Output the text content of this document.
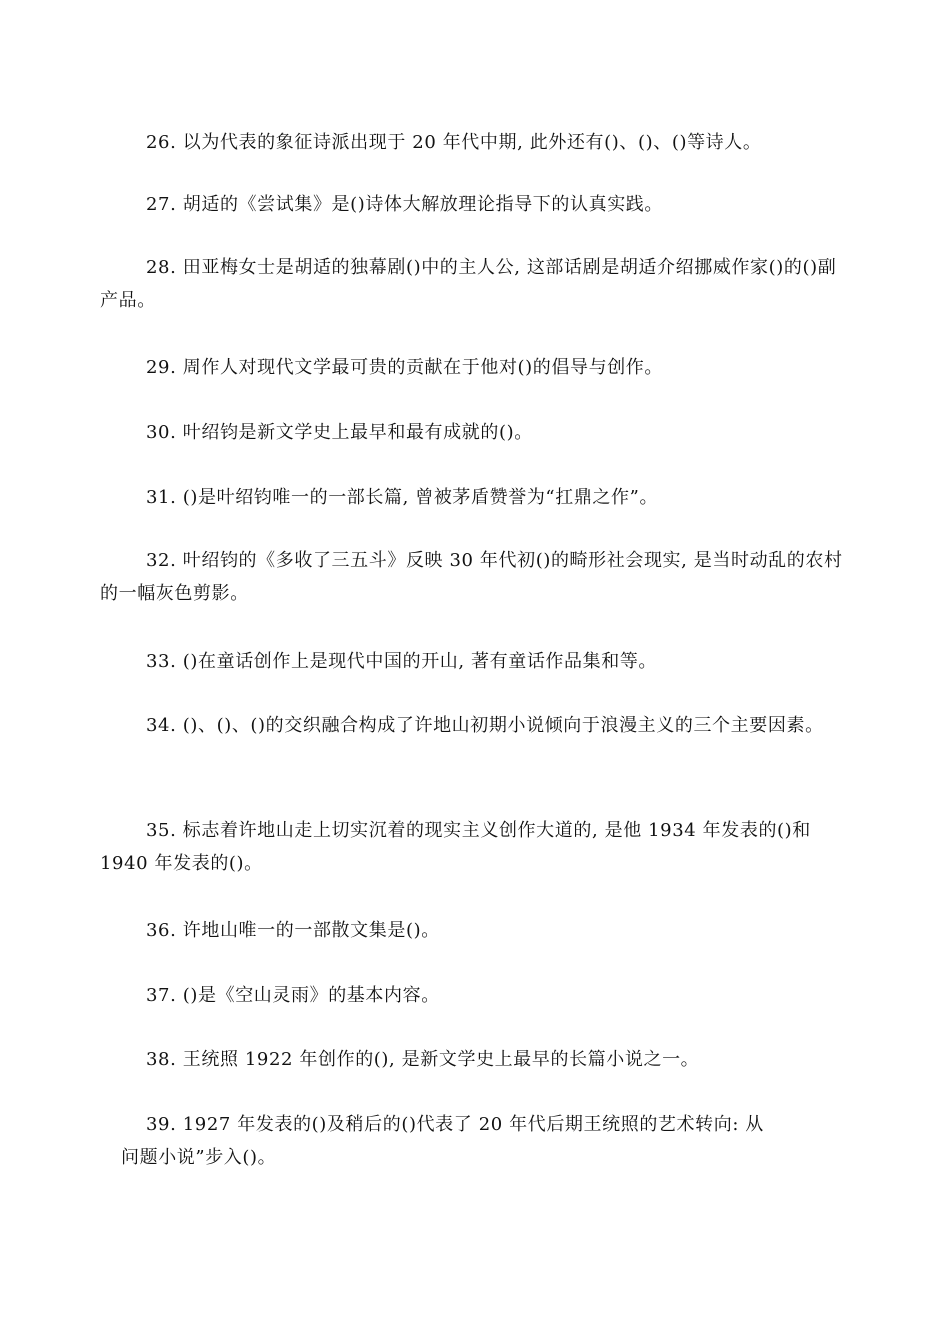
26. 以为代表的象征诗派出现于 20 年代中期, 此外还有()、()、()等诗人。

27. 胡适的《尝试集》是()诗体大解放理论指导下的认真实践。

28. 田亚梅女士是胡适的独幕剧()中的主人公, 这部话剧是胡适介绍挪威作家()的()副产品。

29. 周作人对现代文学最可贵的贡献在于他对()的倡导与创作。

30. 叶绍钧是新文学史上最早和最有成就的()。

31. ()是叶绍钧唯一的一部长篇, 曾被茅盾赞誉为“扛鼎之作”。

32. 叶绍钧的《多收了三五斗》反映 30 年代初()的畸形社会现实, 是当时动乱的农村的一幅灰色剪影。

33. ()在童话创作上是现代中国的开山, 著有童话作品集和等。

34. ()、()、()的交织融合构成了许地山初期小说倾向于浪漫主义的三个主要因素。

35. 标志着许地山走上切实沉着的现实主义创作大道的, 是他 1934 年发表的()和 1940 年发表的()。

36. 许地山唯一的一部散文集是()。

37. ()是《空山灵雨》的基本内容。

38. 王统照 1922 年创作的(), 是新文学史上最早的长篇小说之一。

39. 1927 年发表的()及稍后的()代表了 20 年代后期王统照的艺术转向: 从
问题小说”步入()。
